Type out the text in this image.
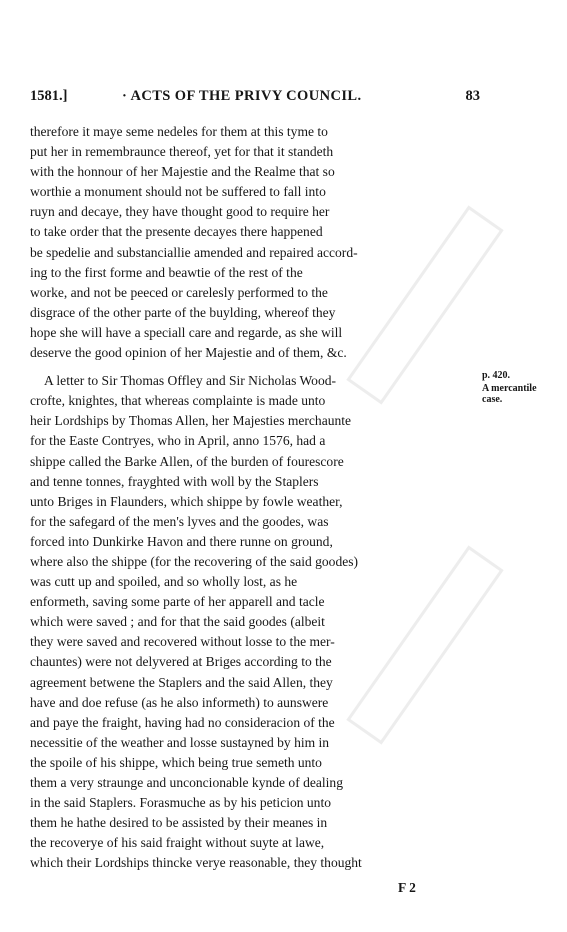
1581.]	· ACTS OF THE PRIVY COUNCIL.	83
therefore it maye seme nedeles for them at this tyme to
put her in remembraunce thereof, yet for that it standeth
with the honnour of her Majestie and the Realme that so
worthie a monument should not be suffered to fall into
ruyn and decaye, they have thought good to require her
to take order that the presente decayes there happened
be spedelie and substanciallie amended and repaired accord-
ing to the first forme and beawtie of the rest of the
worke, and not be peeced or carelesly performed to the
disgrace of the other parte of the buylding, whereof they
hope she will have a speciall care and regarde, as she will
deserve the good opinion of her Majestie and of them, &c.
A letter to Sir Thomas Offley and Sir Nicholas Wood-
crofte, knightes, that whereas complainte is made unto
heir Lordships by Thomas Allen, her Majesties merchaunte
for the Easte Contryes, who in April, anno 1576, had a
shippe called the Barke Allen, of the burden of fourescore
and tenne tonnes, frayghted with woll by the Staplers
unto Briges in Flaunders, which shippe by fowle weather,
for the safegard of the men's lyves and the goodes, was
forced into Dunkirke Havon and there runne on ground,
where also the shippe (for the recovering of the said goodes)
was cutt up and spoiled, and so wholly lost, as he
enformeth, saving some parte of her apparell and tacle
which were saved ; and for that the said goodes (albeit
they were saved and recovered without losse to the mer-
chauntes) were not delyvered at Briges according to the
agreement betwene the Staplers and the said Allen, they
have and doe refuse (as he also informeth) to aunswere
and paye the fraight, having had no consideracion of the
necessitie of the weather and losse sustayned by him in
the spoile of his shippe, which being true semeth unto
them a very straunge and unconcionable kynde of dealing
in the said Staplers. Forasmuche as by his peticion unto
them he hathe desired to be assisted by their meanes in
the recoverye of his said fraight without suyte at lawe,
which their Lordships thincke verye reasonable, they thought
p. 420.
A mercantile
case.
F 2
